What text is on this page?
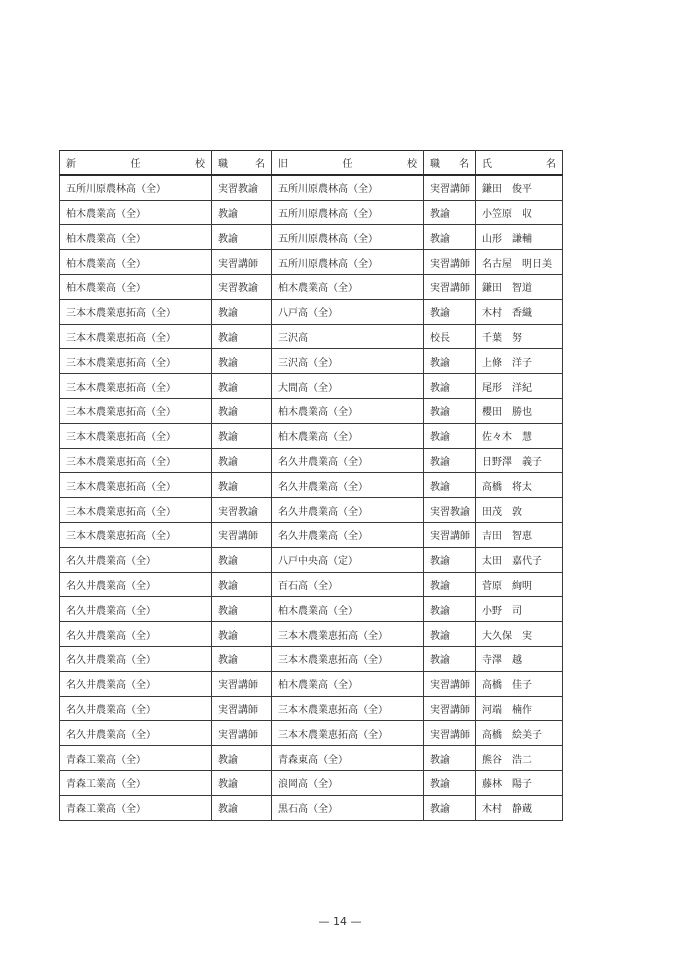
新 任 校	職 名	旧 任 校	職 名	氏 名

五所川原農林高（全）	実習教諭	五所川原農林高（全）	実習講師	鎌田　俊平
柏木農業高（全）	教諭	五所川原農林高（全）	教諭	小笠原　収
柏木農業高（全）	教諭	五所川原農林高（全）	教諭	山形　謙輔
柏木農業高（全）	実習講師	五所川原農林高（全）	実習講師	名古屋　明日美
柏木農業高（全）	実習教諭	柏木農業高（全）	実習講師	鎌田　智道
三本木農業恵拓高（全）	教諭	八戸高（全）	教諭	木村　香織
三本木農業恵拓高（全）	教諭	三沢高	校長	千葉　努
三本木農業恵拓高（全）	教諭	三沢高（全）	教諭	上條　洋子
三本木農業恵拓高（全）	教諭	大間高（全）	教諭	尾形　洋紀
三本木農業恵拓高（全）	教諭	柏木農業高（全）	教諭	櫻田　勝也
三本木農業恵拓高（全）	教諭	柏木農業高（全）	教諭	佐々木　慧
三本木農業恵拓高（全）	教諭	名久井農業高（全）	教諭	日野澤　義子
三本木農業恵拓高（全）	教諭	名久井農業高（全）	教諭	高橋　将太
三本木農業恵拓高（全）	実習教諭	名久井農業高（全）	実習教諭	田茂　敦
三本木農業恵拓高（全）	実習講師	名久井農業高（全）	実習講師	吉田　智恵
名久井農業高（全）	教諭	八戸中央高（定）	教諭	太田　嘉代子
名久井農業高（全）	教諭	百石高（全）	教諭	菅原　絢明
名久井農業高（全）	教諭	柏木農業高（全）	教諭	小野　司
名久井農業高（全）	教諭	三本木農業恵拓高（全）	教諭	大久保　実
名久井農業高（全）	教諭	三本木農業恵拓高（全）	教諭	寺澤　越
名久井農業高（全）	実習講師	柏木農業高（全）	実習講師	高橋　佳子
名久井農業高（全）	実習講師	三本木農業恵拓高（全）	実習講師	河端　楠作
名久井農業高（全）	実習講師	三本木農業恵拓高（全）	実習講師	高橋　絵美子
青森工業高（全）	教諭	青森東高（全）	教諭	熊谷　浩二
青森工業高（全）	教諭	浪岡高（全）	教諭	藤林　陽子
青森工業高（全）	教諭	黒石高（全）	教諭	木村　静蔵
— 14 —
